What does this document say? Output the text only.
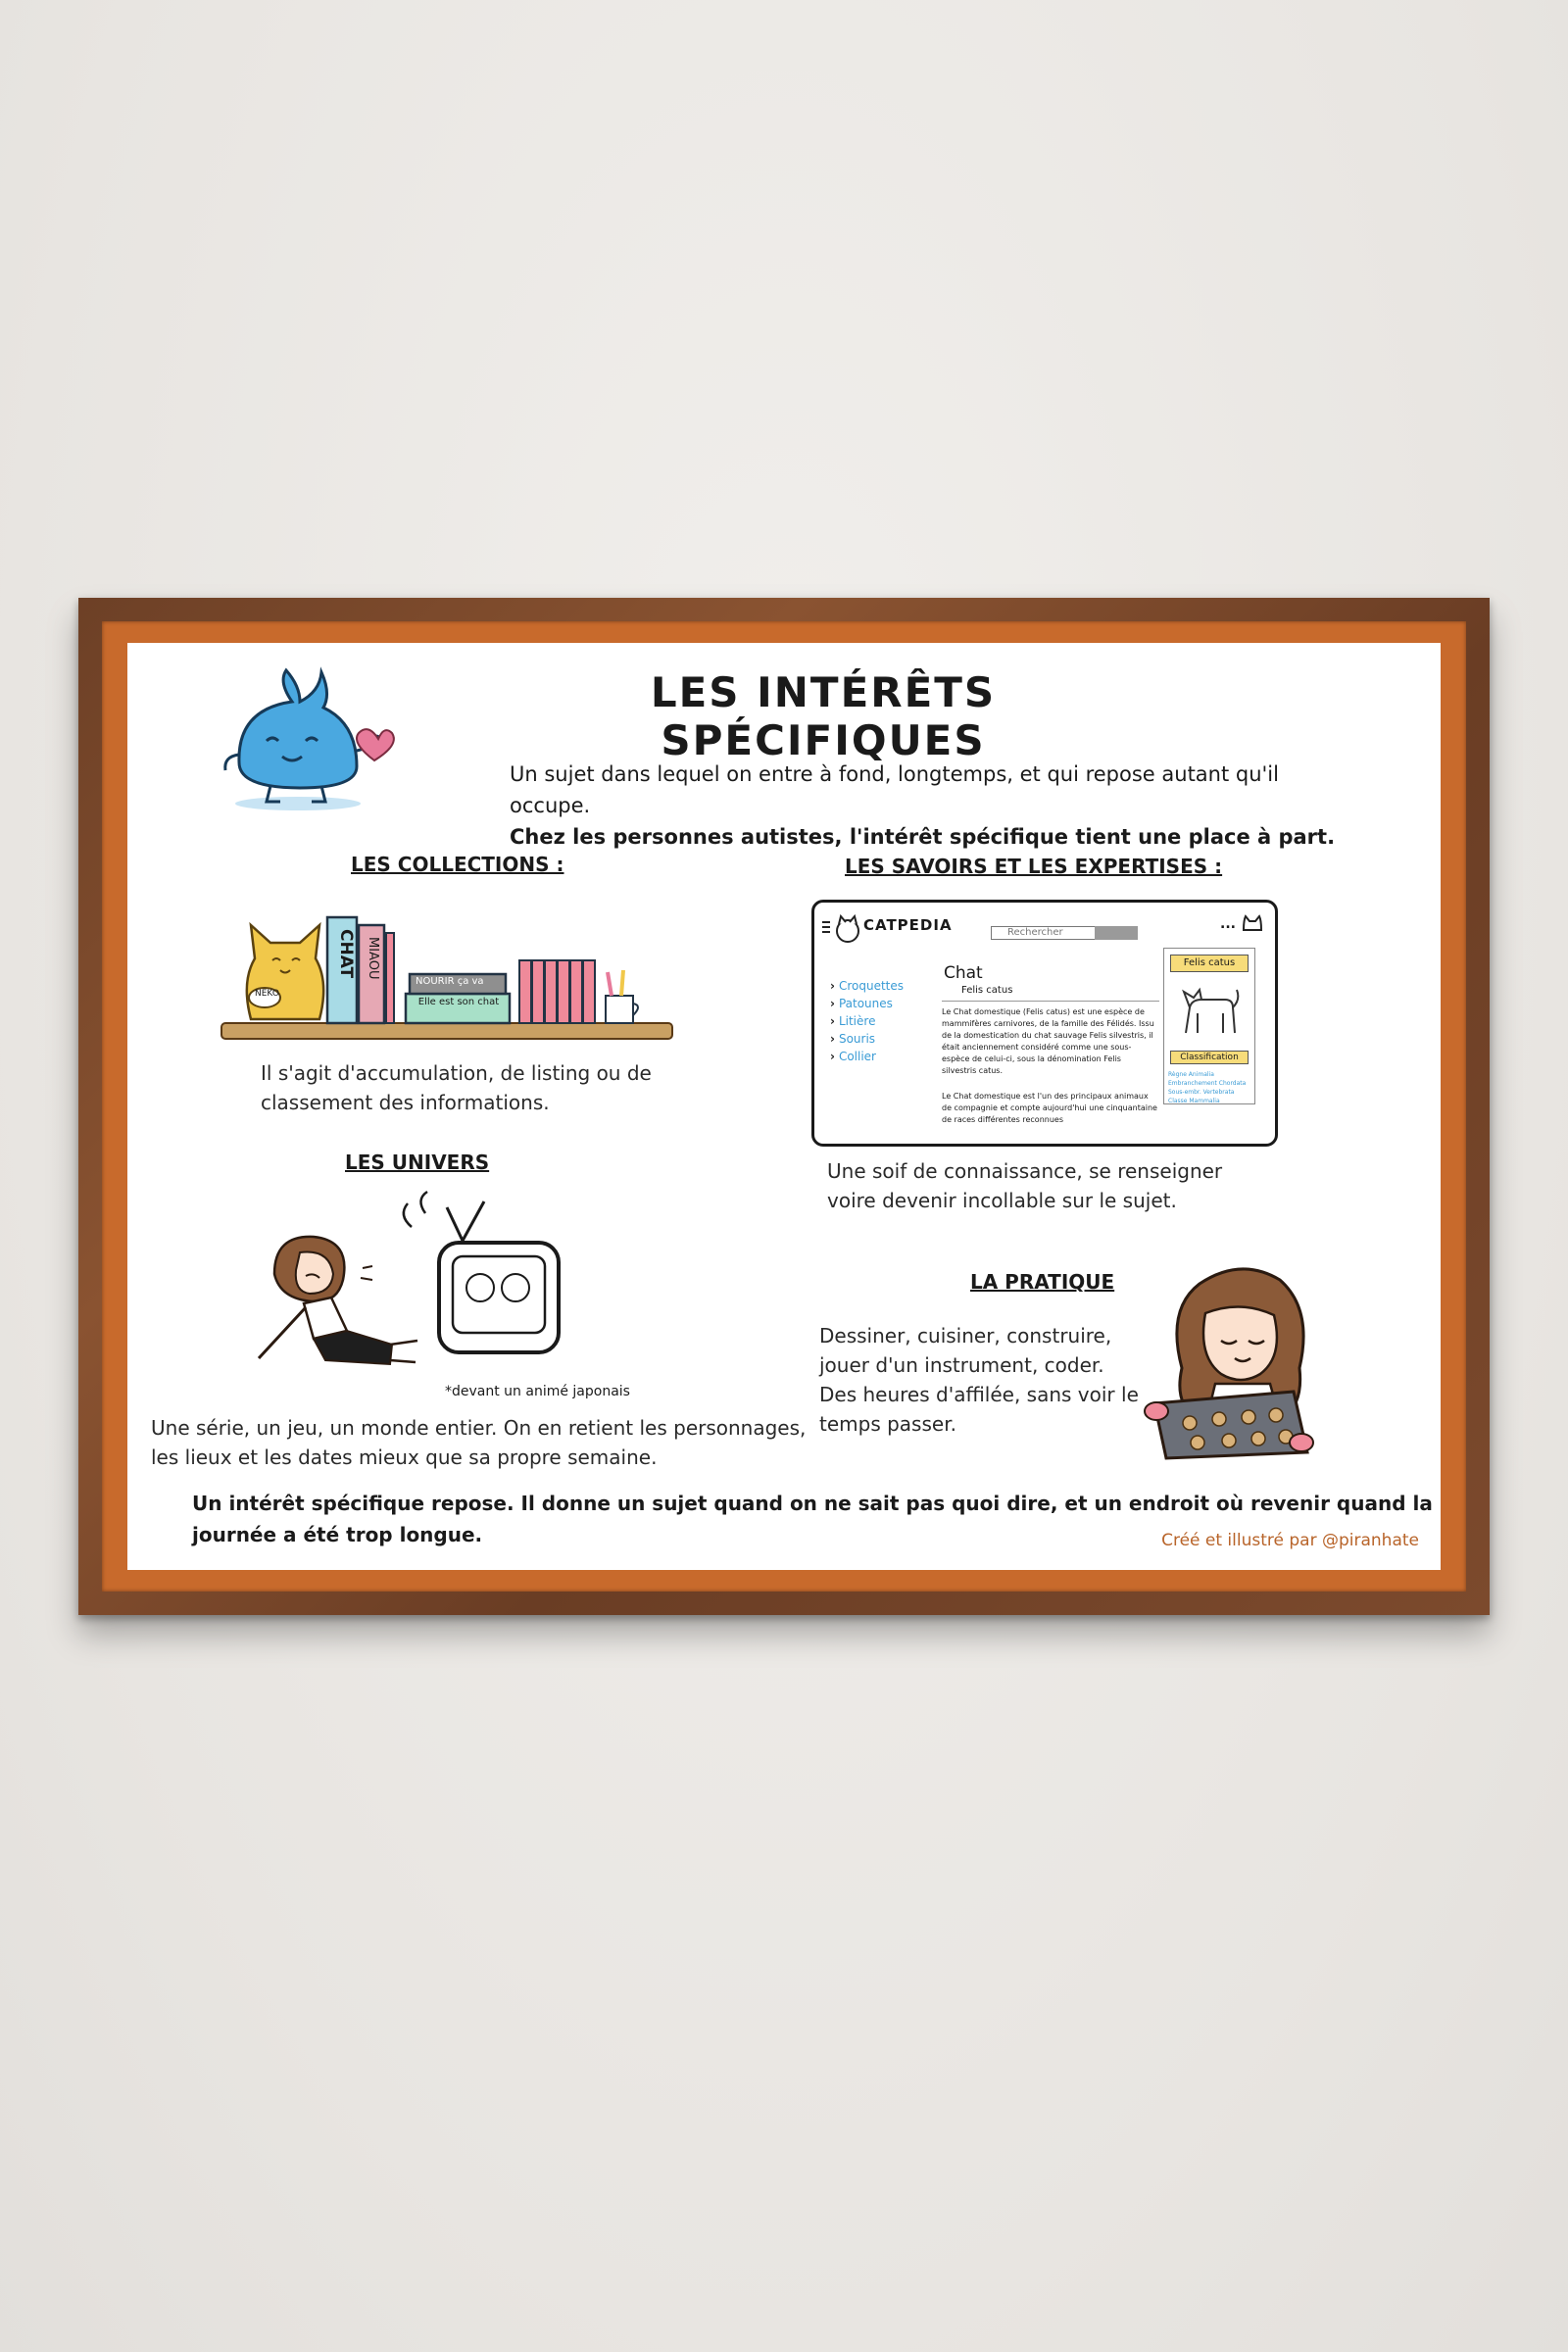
LES INTÉRÊTS SPÉCIFIQUES
Un sujet dans lequel on entre à fond, longtemps, et qui repose autant qu'il occupe.
Chez les personnes autistes, l'intérêt spécifique tient une place à part.
LES COLLECTIONS :
NEKO
CHAT MIAOU
NOURIR ça va
Elle est son chat
Il s'agit d'accumulation, de listing ou de classement des informations.
LES SAVOIRS ET LES EXPERTISES :
CATPEDIA	Rechercher
...
› Croquettes
› Patounes
› Litière
› Souris
› Collier
Chat
Felis catus
Le Chat domestique (Felis catus) est une espèce de mammifères carnivores, de la famille des Félidés. Issu de la domestication du chat sauvage Felis silvestris, il était anciennement considéré comme une sous-espèce de celui-ci, sous la dénomination Felis silvestris catus.
Le Chat domestique est l'un des principaux animaux de compagnie et compte aujourd'hui une cinquantaine de races différentes reconnues
Felis catus
Classification
Règne Animalia
Embranchement Chordata
Sous-embr. Vertebrata
Classe Mammalia
Une soif de connaissance, se renseigner voire devenir incollable sur le sujet.
LES UNIVERS
*devant un animé japonais
Une série, un jeu, un monde entier. On en retient les personnages, les lieux et les dates mieux que sa propre semaine.
LA PRATIQUE
Dessiner, cuisiner, construire, jouer d'un instrument, coder. Des heures d'affilée, sans voir le temps passer.
Un intérêt spécifique repose. Il donne un sujet quand on ne sait pas quoi dire, et un endroit où revenir quand la journée a été trop longue.	Créé et illustré par @piranhate
